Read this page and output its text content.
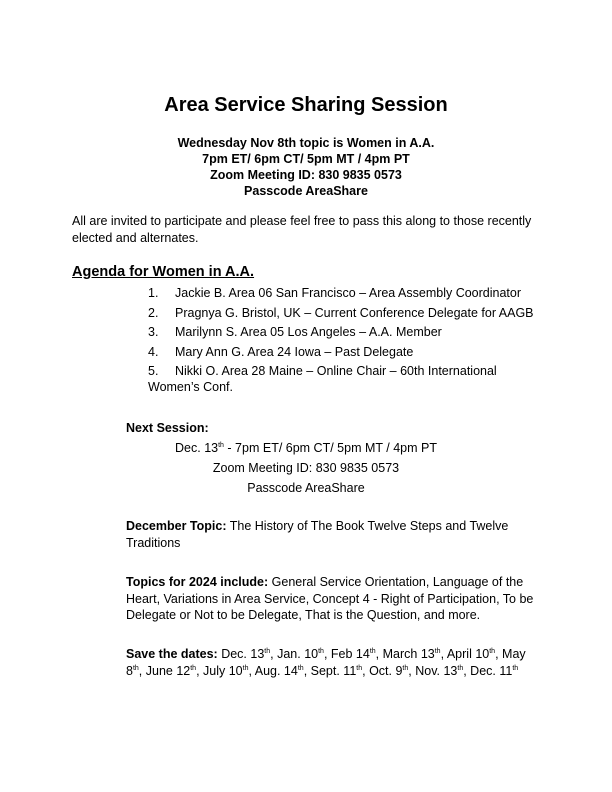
Area Service Sharing Session
Wednesday Nov 8th topic is Women in A.A.
7pm ET/ 6pm CT/ 5pm MT / 4pm PT
Zoom Meeting ID: 830 9835 0573
Passcode AreaShare
All are invited to participate and please feel free to pass this along to those recently elected and alternates.
Agenda for Women in A.A.
1.	Jackie B. Area 06 San Francisco – Area Assembly Coordinator
2.	Pragnya G. Bristol, UK – Current Conference Delegate for AAGB
3.	Marilynn S. Area 05 Los Angeles – A.A. Member
4.	Mary Ann G. Area 24 Iowa – Past Delegate
5. Nikki O. Area 28 Maine – Online Chair – 60th International Women’s Conf.
Next Session:
Dec. 13th - 7pm ET/ 6pm CT/ 5pm MT / 4pm PT
Zoom Meeting ID: 830 9835 0573
Passcode AreaShare
December Topic: The History of The Book Twelve Steps and Twelve Traditions
Topics for 2024 include: General Service Orientation, Language of the Heart, Variations in Area Service, Concept 4 - Right of Participation, To be Delegate or Not to be Delegate, That is the Question, and more.
Save the dates: Dec. 13th, Jan. 10th, Feb 14th, March 13th, April 10th, May 8th, June 12th, July 10th, Aug. 14th, Sept. 11th, Oct. 9th, Nov. 13th, Dec. 11th
